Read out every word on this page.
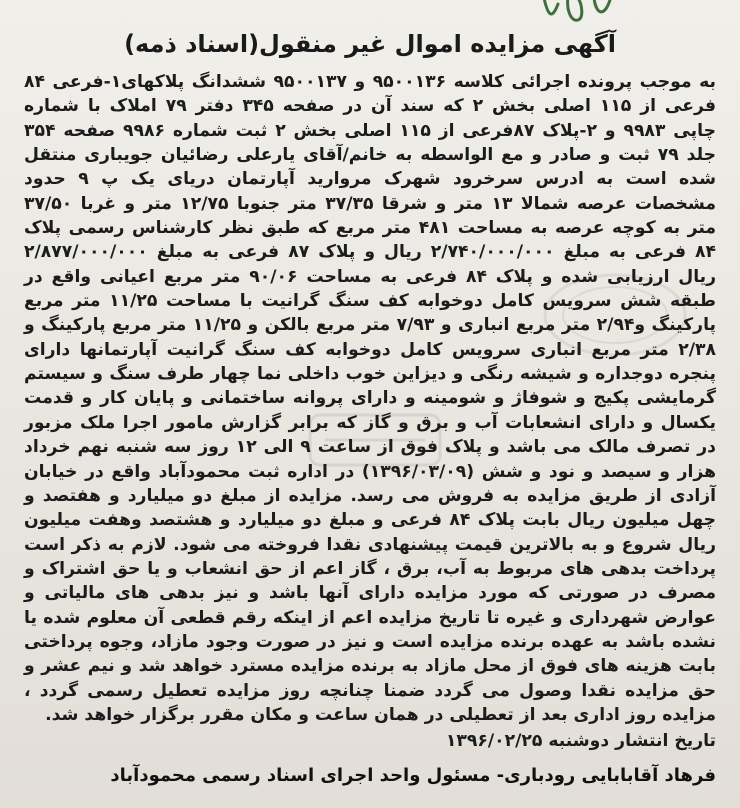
آگهی مزایده اموال غیر منقول(اسناد ذمه)

به موجب پرونده اجرائی کلاسه ۹۵۰۰۱۳۶ و ۹۵۰۰۱۳۷ ششدانگ پلاکهای۱-فرعی ۸۴ فرعی از ۱۱۵ اصلی بخش ۲ که سند آن در صفحه ۳۴۵ دفتر ۷۹ املاک با شماره چاپی ۹۹۸۳ و ۲-پلاک ۸۷فرعی از ۱۱۵ اصلی بخش ۲ ثبت شماره ۹۹۸۶ صفحه ۳۵۴ جلد ۷۹ ثبت و صادر و مع الواسطه به خانم/آقای یارعلی رضائیان جویباری منتقل شده است به ادرس سرخرود شهرک مروارید آپارتمان دریای یک پ ۹ حدود مشخصات عرصه شمالا ۱۳ متر و شرقا ۳۷/۳۵ متر جنوبا ۱۲/۷۵ متر و غربا ۳۷/۵۰ متر به کوچه عرصه به مساحت ۴۸۱ متر مربع که طبق نظر کارشناس رسمی پلاک ۸۴ فرعی به مبلغ ۲/۷۴۰/۰۰۰/۰۰۰ ریال و پلاک ۸۷ فرعی به مبلغ ۲/۸۷۷/۰۰۰/۰۰۰ ریال ارزیابی شده و پلاک ۸۴ فرعی به مساحت ۹۰/۰۶ متر مربع اعیانی واقع در طبقه شش سرویس کامل دوخوابه کف سنگ گرانیت با مساحت ۱۱/۲۵ متر مربع پارکینگ و۲/۹۴ متر مربع انباری و ۷/۹۳ متر مربع بالکن و ۱۱/۲۵ متر مربع پارکینگ و ۲/۳۸ متر مربع انباری سرویس کامل دوخوابه کف سنگ گرانیت آپارتمانها دارای پنجره دوجداره و شیشه رنگی و دیزاین خوب داخلی نما چهار طرف سنگ و سیستم گرمایشی پکیج و شوفاژ و شومینه و دارای پروانه ساختمانی و پایان کار و قدمت یکسال و دارای انشعابات آب و برق و گاز که برابر گزارش مامور اجرا ملک مزبور در تصرف مالک می باشد و پلاک فوق از ساعت ۹ الی ۱۲ روز سه شنبه نهم خرداد هزار و سیصد و نود و شش (۱۳۹۶/۰۳/۰۹) در اداره ثبت محمودآباد واقع در خیابان آزادی از طریق مزایده به فروش می رسد. مزایده از مبلغ دو میلیارد و هفتصد و چهل میلیون ریال بابت پلاک ۸۴ فرعی و مبلغ دو میلیارد و هشتصد وهفت میلیون ریال شروع و به بالاترین قیمت پیشنهادی نقدا فروخته می شود. لازم به ذکر است پرداخت بدهی های مربوط به آب، برق ، گاز اعم از حق انشعاب و یا حق اشتراک و مصرف در صورتی که مورد مزایده دارای آنها باشد و نیز بدهی های مالیاتی و عوارض شهرداری و غیره تا تاریخ مزایده اعم از اینکه رقم قطعی آن معلوم شده یا نشده باشد به عهده برنده مزایده است و نیز در صورت وجود مازاد، وجوه پرداختی بابت هزینه های فوق از محل مازاد به برنده مزایده مسترد خواهد شد و نیم عشر و حق مزایده نقدا وصول می گردد ضمنا چنانچه روز مزایده تعطیل رسمی گردد ، مزایده روز اداری بعد از تعطیلی در همان ساعت و مکان مقرر برگزار خواهد شد.

تاریخ انتشار دوشنبه ۱۳۹۶/۰۲/۲۵
فرهاد آقابابایی رودباری- مسئول واحد اجرای اسناد رسمی محمودآباد
